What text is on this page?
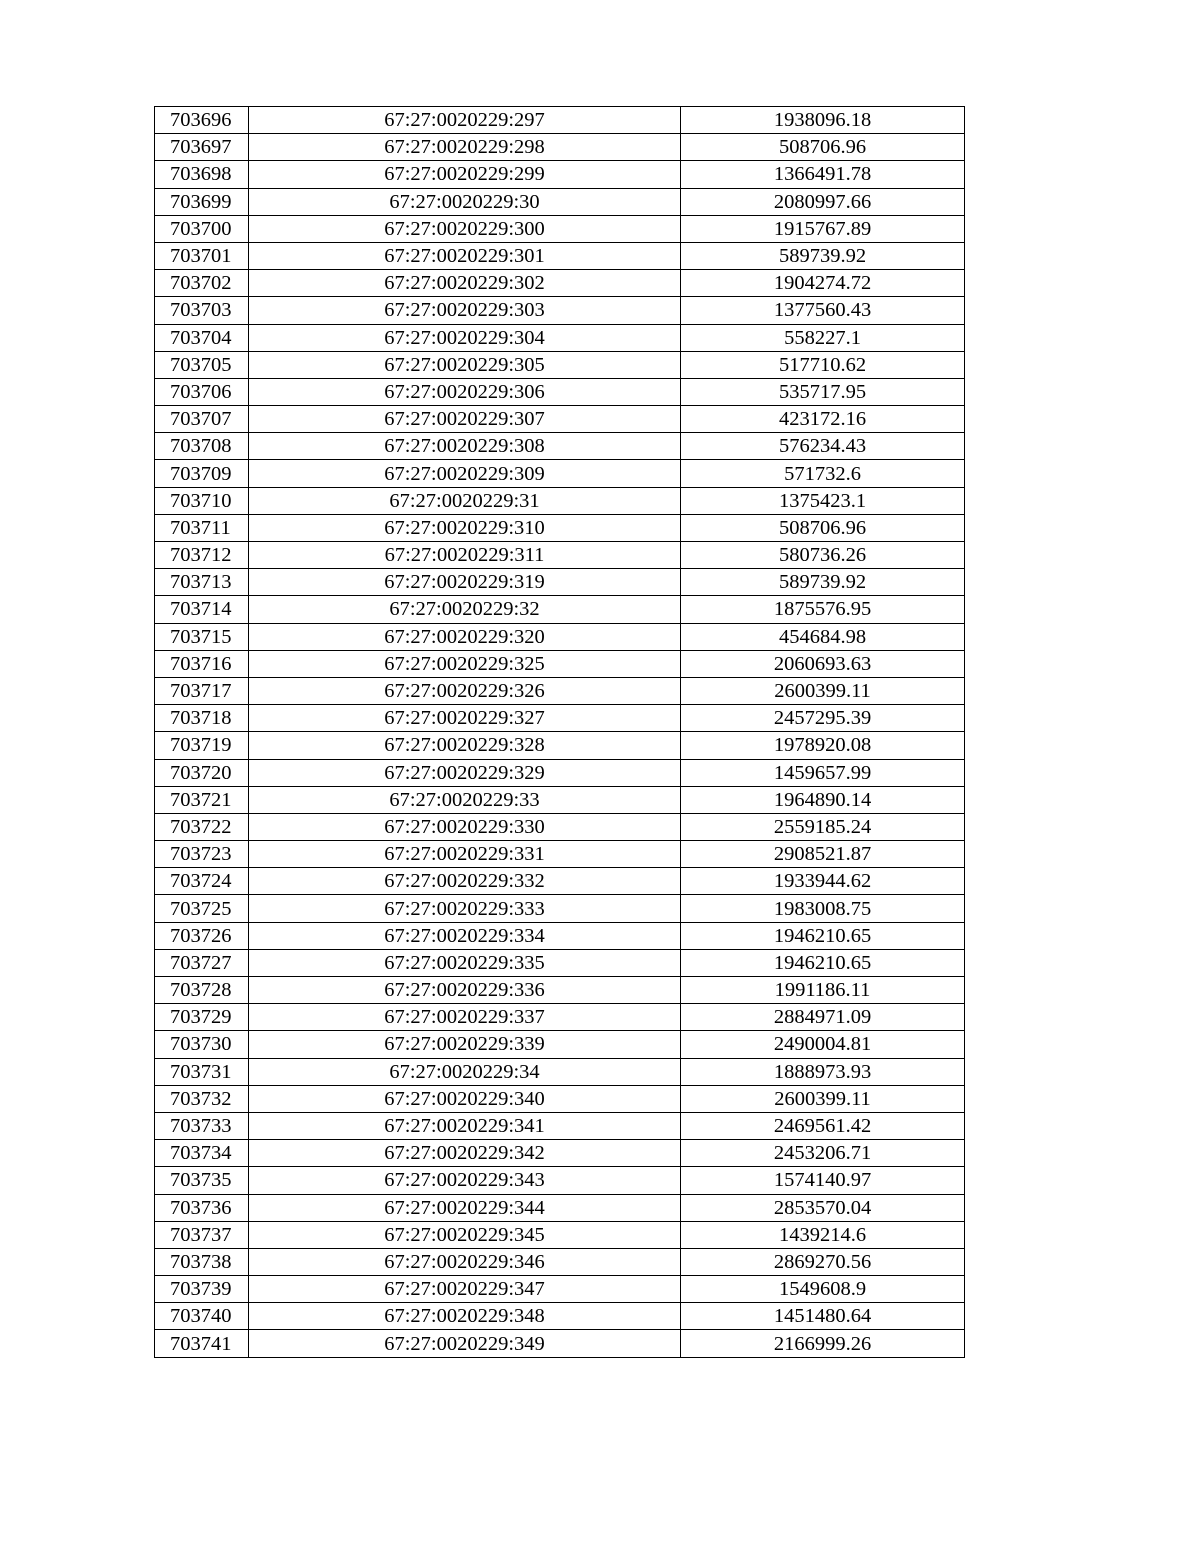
703696	67:27:0020229:297	1938096.18
703697	67:27:0020229:298	508706.96
703698	67:27:0020229:299	1366491.78
703699	67:27:0020229:30	2080997.66
703700	67:27:0020229:300	1915767.89
703701	67:27:0020229:301	589739.92
703702	67:27:0020229:302	1904274.72
703703	67:27:0020229:303	1377560.43
703704	67:27:0020229:304	558227.1
703705	67:27:0020229:305	517710.62
703706	67:27:0020229:306	535717.95
703707	67:27:0020229:307	423172.16
703708	67:27:0020229:308	576234.43
703709	67:27:0020229:309	571732.6
703710	67:27:0020229:31	1375423.1
703711	67:27:0020229:310	508706.96
703712	67:27:0020229:311	580736.26
703713	67:27:0020229:319	589739.92
703714	67:27:0020229:32	1875576.95
703715	67:27:0020229:320	454684.98
703716	67:27:0020229:325	2060693.63
703717	67:27:0020229:326	2600399.11
703718	67:27:0020229:327	2457295.39
703719	67:27:0020229:328	1978920.08
703720	67:27:0020229:329	1459657.99
703721	67:27:0020229:33	1964890.14
703722	67:27:0020229:330	2559185.24
703723	67:27:0020229:331	2908521.87
703724	67:27:0020229:332	1933944.62
703725	67:27:0020229:333	1983008.75
703726	67:27:0020229:334	1946210.65
703727	67:27:0020229:335	1946210.65
703728	67:27:0020229:336	1991186.11
703729	67:27:0020229:337	2884971.09
703730	67:27:0020229:339	2490004.81
703731	67:27:0020229:34	1888973.93
703732	67:27:0020229:340	2600399.11
703733	67:27:0020229:341	2469561.42
703734	67:27:0020229:342	2453206.71
703735	67:27:0020229:343	1574140.97
703736	67:27:0020229:344	2853570.04
703737	67:27:0020229:345	1439214.6
703738	67:27:0020229:346	2869270.56
703739	67:27:0020229:347	1549608.9
703740	67:27:0020229:348	1451480.64
703741	67:27:0020229:349	2166999.26
